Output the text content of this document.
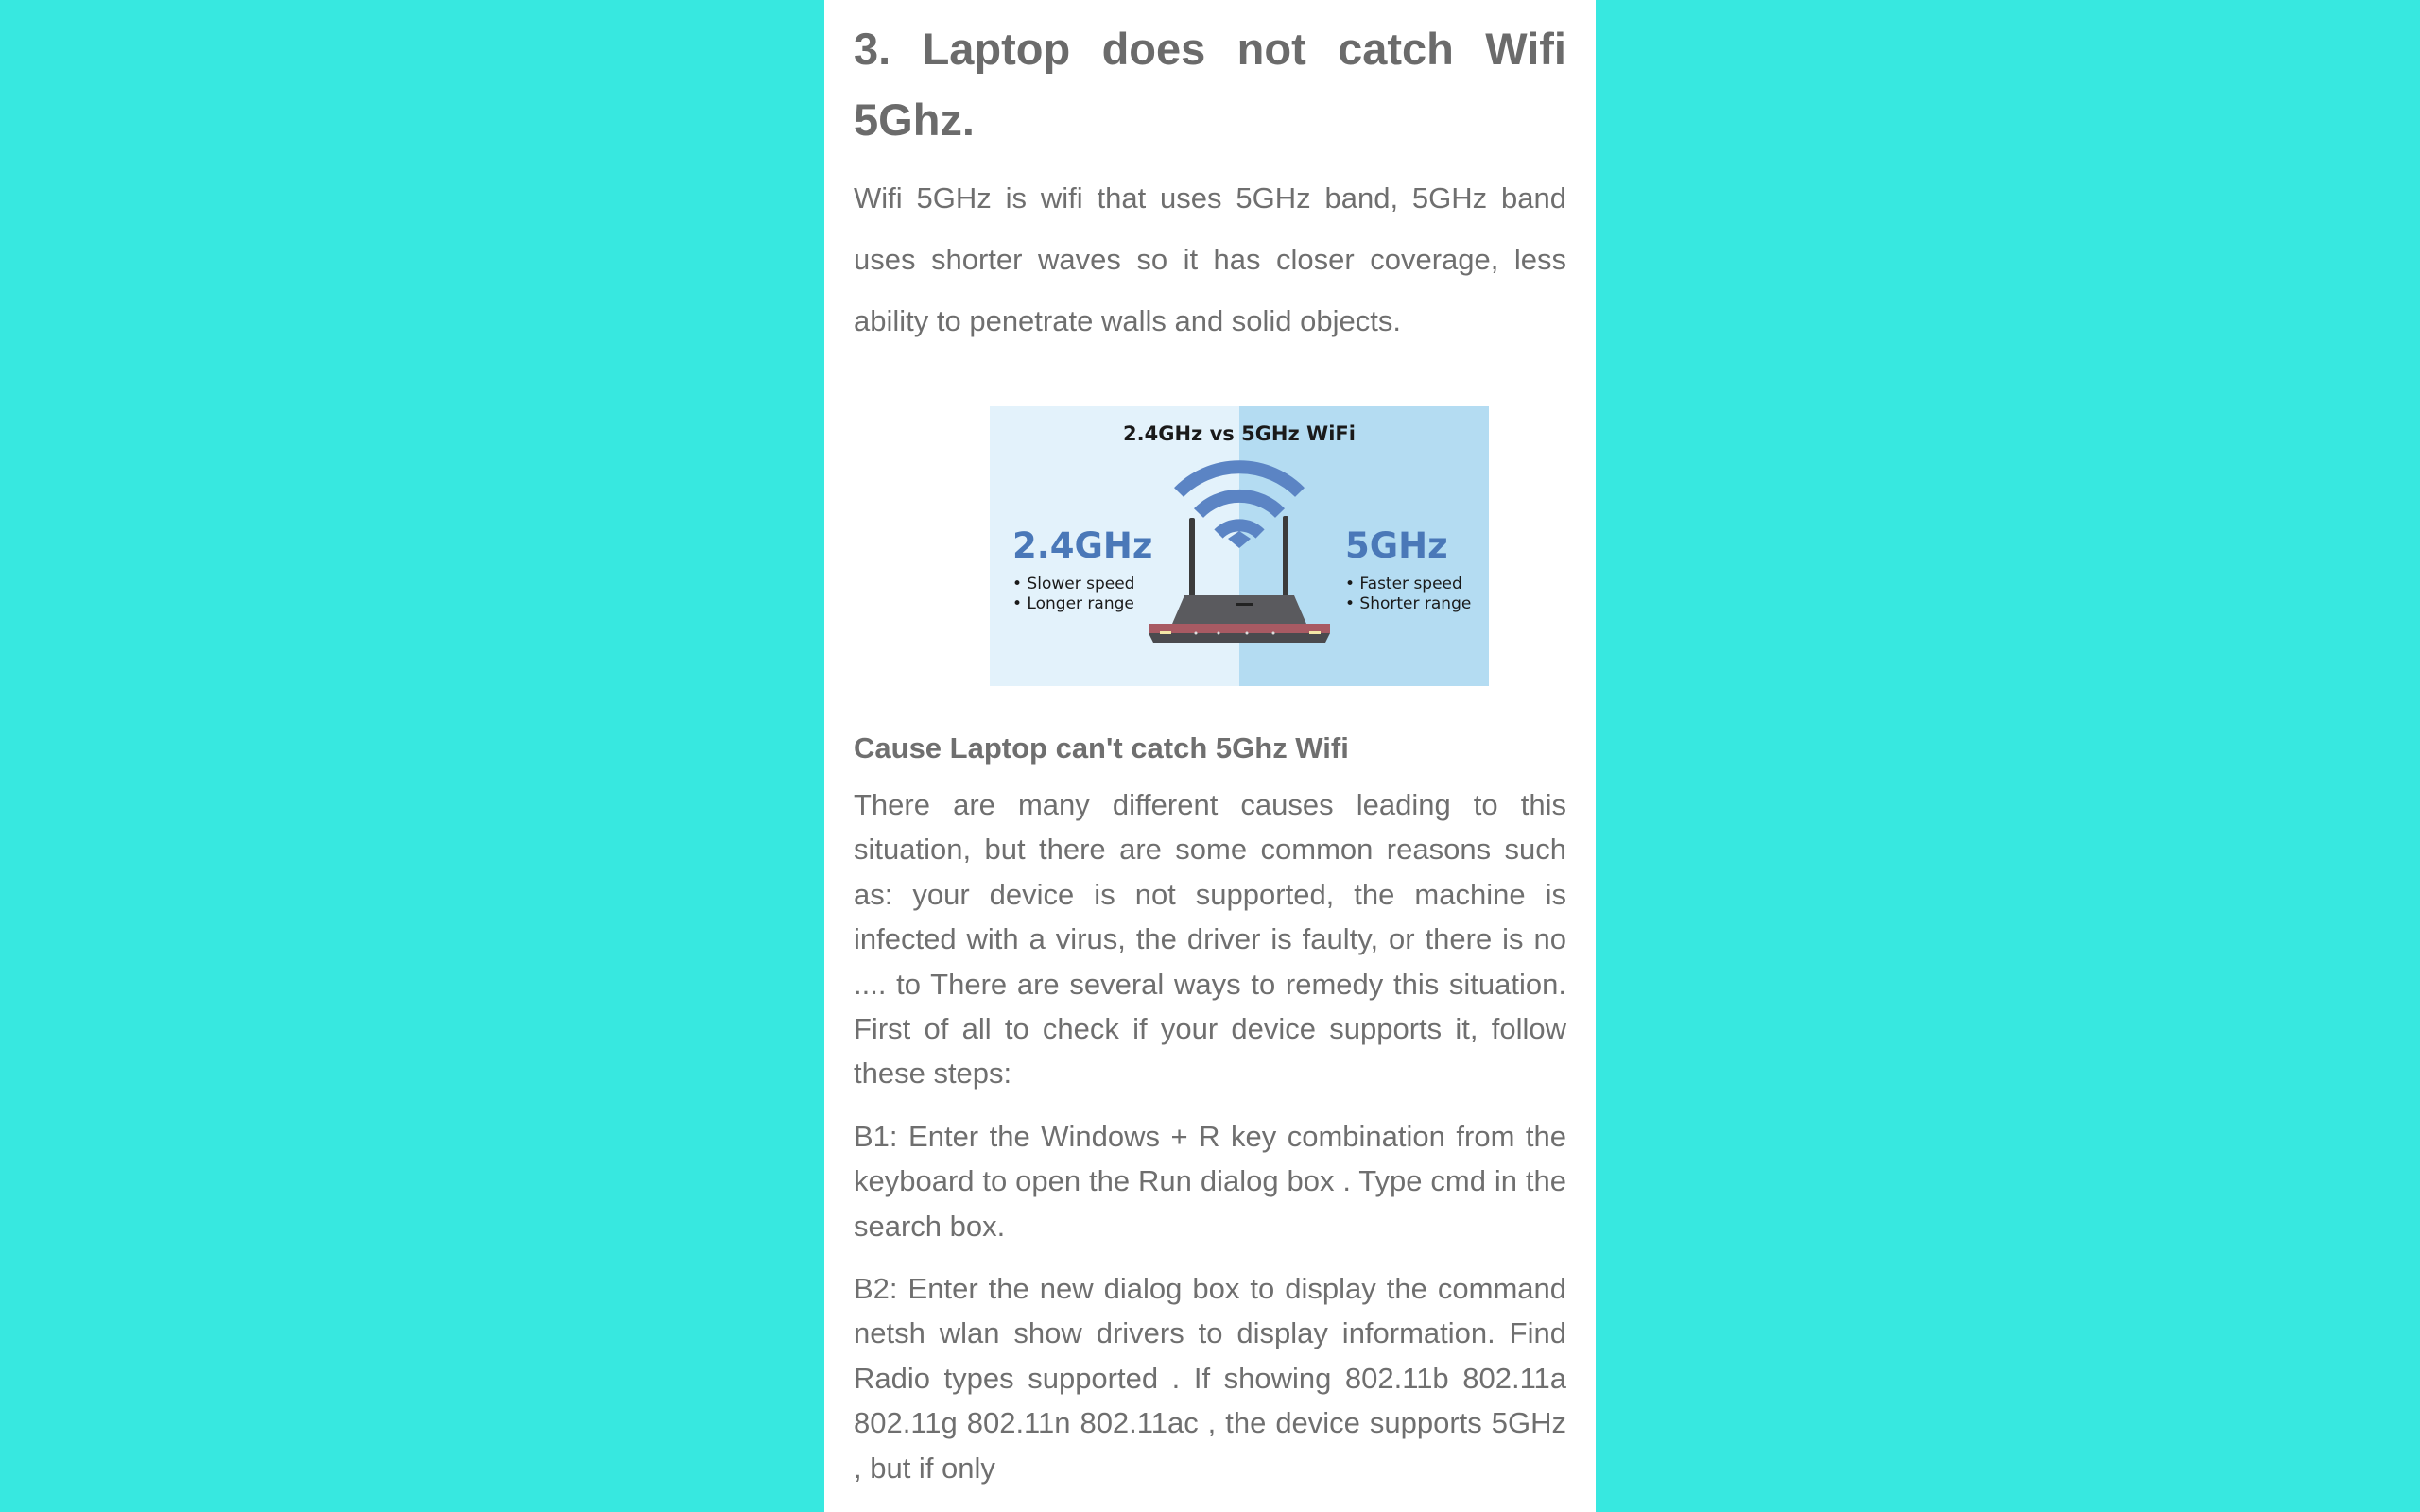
3. Laptop does not catch Wifi 5Ghz.

Wifi 5GHz is wifi that uses 5GHz band, 5GHz band uses shorter waves so it has closer coverage, less ability to penetrate walls and solid objects.

2.4GHz vs 5GHz WiFi
2.4GHz
• Slower speed
• Longer range
5GHz
• Faster speed
• Shorter range
Cause Laptop can't catch 5Ghz Wifi

There are many different causes leading to this situation, but there are some common reasons such as: your device is not supported, the machine is infected with a virus, the driver is faulty, or there is no .... to There are several ways to remedy this situation. First of all to check if your device supports it, follow these steps:

B1: Enter the Windows + R key combination from the keyboard to open the Run dialog box . Type cmd in the search box.

B2: Enter the new dialog box to display the command netsh wlan show drivers to display information. Find Radio types supported . If showing 802.11b 802.11a 802.11g 802.11n 802.11ac , the device supports 5GHz , but if only
